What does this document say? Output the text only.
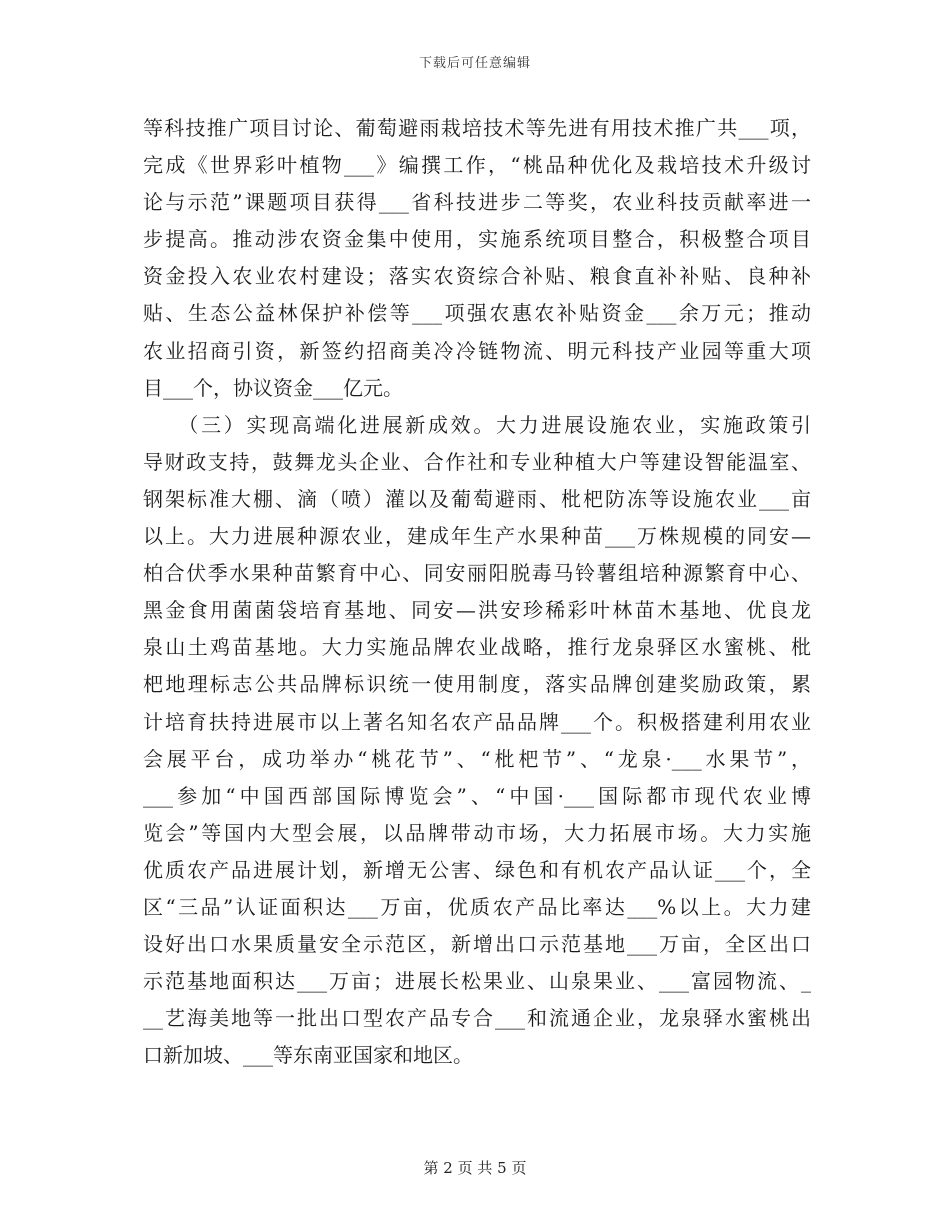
下载后可任意编辑
等科技推广项目讨论、葡萄避雨栽培技术等先进有用技术推广共___项，
完成《世界彩叶植物___》编撰工作，“桃品种优化及栽培技术升级讨
论与示范”课题项目获得___省科技进步二等奖，农业科技贡献率进一
步提高。推动涉农资金集中使用，实施系统项目整合，积极整合项目
资金投入农业农村建设；落实农资综合补贴、粮食直补补贴、良种补
贴、生态公益林保护补偿等___项强农惠农补贴资金___余万元；推动
农业招商引资，新签约招商美冷冷链物流、明元科技产业园等重大项
目___个，协议资金___亿元。
　　（三）实现高端化进展新成效。大力进展设施农业，实施政策引
导财政支持，鼓舞龙头企业、合作社和专业种植大户等建设智能温室、
钢架标准大棚、滴（喷）灌以及葡萄避雨、枇杷防冻等设施农业___亩
以上。大力进展种源农业，建成年生产水果种苗___万株规模的同安—
柏合伏季水果种苗繁育中心、同安丽阳脱毒马铃薯组培种源繁育中心、
黑金食用菌菌袋培育基地、同安—洪安珍稀彩叶林苗木基地、优良龙
泉山土鸡苗基地。大力实施品牌农业战略，推行龙泉驿区水蜜桃、枇
杷地理标志公共品牌标识统一使用制度，落实品牌创建奖励政策，累
计培育扶持进展市以上著名知名农产品品牌___个。积极搭建利用农业
会展平台，成功举办“桃花节”、“枇杷节”、“龙泉·___水果节”，
___参加“中国西部国际博览会”、“中国·___国际都市现代农业博
览会”等国内大型会展，以品牌带动市场，大力拓展市场。大力实施
优质农产品进展计划，新增无公害、绿色和有机农产品认证___个，全
区“三品”认证面积达___万亩，优质农产品比率达___%以上。大力建
设好出口水果质量安全示范区，新增出口示范基地___万亩，全区出口
示范基地面积达___万亩；进展长松果业、山泉果业、___富园物流、_
__艺海美地等一批出口型农产品专合___和流通企业，龙泉驿水蜜桃出
口新加坡、___等东南亚国家和地区。
第 2 页 共 5 页
